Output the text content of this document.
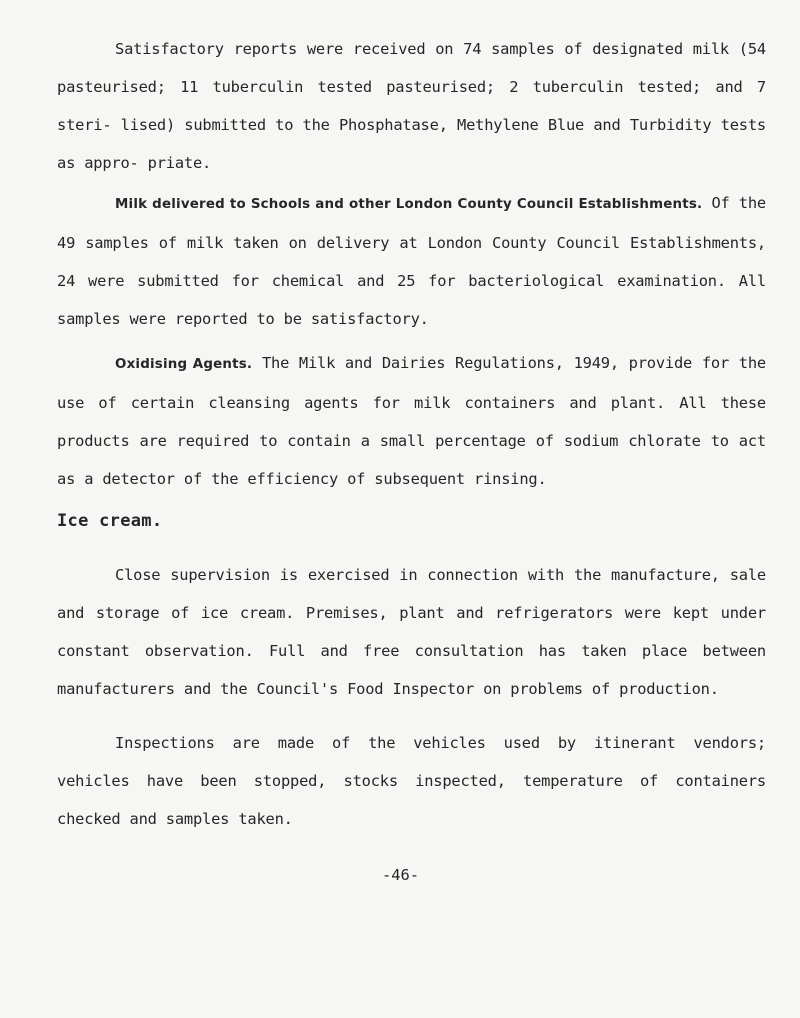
Satisfactory reports were received on 74 samples of designated milk (54 pasteurised; 11 tuberculin tested pasteurised; 2 tuberculin tested; and 7 steri- lised) submitted to the Phosphatase, Methylene Blue and Turbidity tests as appro- priate.

Milk delivered to Schools and other London County Council Establishments. Of the 49 samples of milk taken on delivery at London County Council Establishments, 24 were submitted for chemical and 25 for bacteriological examination. All samples were reported to be satisfactory.

Oxidising Agents. The Milk and Dairies Regulations, 1949, provide for the use of certain cleansing agents for milk containers and plant. All these products are required to contain a small percentage of sodium chlorate to act as a detector of the efficiency of subsequent rinsing.

Ice cream.

Close supervision is exercised in connection with the manufacture, sale and storage of ice cream. Premises, plant and refrigerators were kept under constant observation. Full and free consultation has taken place between manufacturers and the Council's Food Inspector on problems of production.

Inspections are made of the vehicles used by itinerant vendors; vehicles have been stopped, stocks inspected, temperature of containers checked and samples taken.

-46-
